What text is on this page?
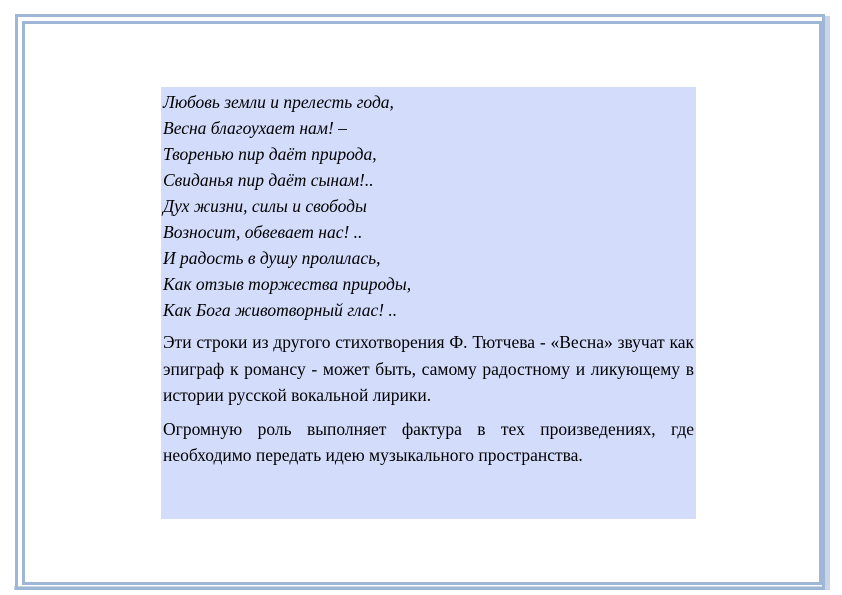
Любовь земли и прелесть года,
Весна благоухает нам! –
Творенью пир даёт природа,
Свиданья пир даёт сынам!..
Дух жизни, силы и свободы
Возносит, обвевает нас! ..
И радость в душу пролилась,
Как отзыв торжества природы,
Как Бога животворный глас! ..

Эти строки из другого стихотворения Ф. Тютчева - «Весна» звучат как эпиграф к романсу - может быть, самому радостному и ликующему в истории русской вокальной лирики.

Огромную роль выполняет фактура в тех произведениях, где необходимо передать идею музыкального пространства.
